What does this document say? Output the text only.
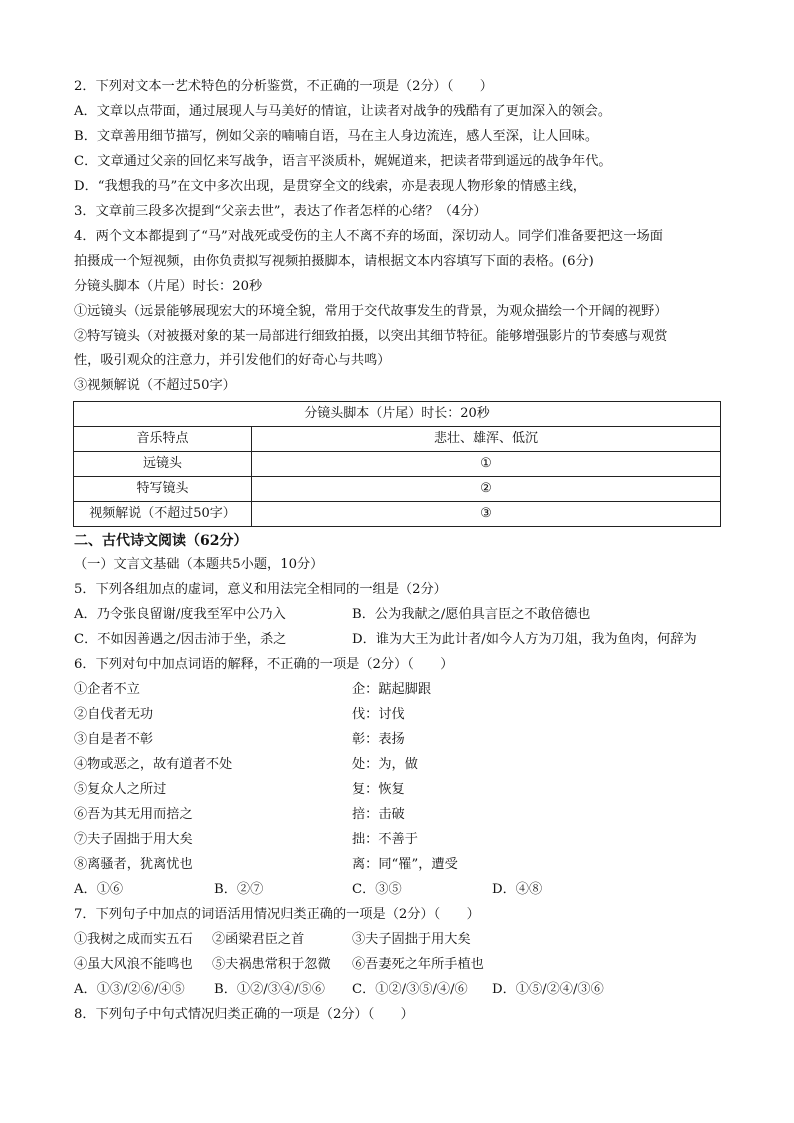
2．下列对文本一艺术特色的分析鉴赏，不正确的一项是（2分）（　　）
A．文章以点带面，通过展现人与马美好的情谊，让读者对战争的残酷有了更加深入的领会。
B．文章善用细节描写，例如父亲的喃喃自语，马在主人身边流连，感人至深，让人回味。
C．文章通过父亲的回忆来写战争，语言平淡质朴，娓娓道来，把读者带到遥远的战争年代。
D．“我想我的马”在文中多次出现，是贯穿全文的线索，亦是表现人物形象的情感主线，
3．文章前三段多次提到“父亲去世”，表达了作者怎样的心绪？（4分）
4．两个文本都提到了“马”对战死或受伤的主人不离不弃的场面，深切动人。同学们准备要把这一场面
拍摄成一个短视频，由你负责拟写视频拍摄脚本，请根据文本内容填写下面的表格。(6分)
分镜头脚本（片尾）时长：20秒
①远镜头（远景能够展现宏大的环境全貌，常用于交代故事发生的背景，为观众描绘一个开阔的视野）
②特写镜头（对被摄对象的某一局部进行细致拍摄，以突出其细节特征。能够增强影片的节奏感与观赏
性，吸引观众的注意力，并引发他们的好奇心与共鸣）
③视频解说（不超过50字）
分镜头脚本（片尾）时长：20秒	
音乐特点	悲壮、雄浑、低沉
远镜头	①
特写镜头	②
视频解说（不超过50字）	③
二、古代诗文阅读（62分）
（一）文言文基础（本题共5小题，10分）
5．下列各组加点的虚词，意义和用法完全相同的一组是（2分）
A．乃令张良留谢/度我至军中公乃入	B．公为我献之/愿伯具言臣之不敢倍德也
C．不如因善遇之/因击沛于坐，杀之	D．谁为大王为此计者/如今人方为刀俎，我为鱼肉，何辞为
6．下列对句中加点词语的解释，不正确的一项是（2分）（　　）
①企者不立	企：踮起脚跟
②自伐者无功	伐：讨伐
③自是者不彰	彰：表扬
④物或恶之，故有道者不处	处：为，做
⑤复众人之所过	复：恢复
⑥吾为其无用而掊之	掊：击破
⑦夫子固拙于用大矣	拙：不善于
⑧离骚者，犹离忧也	离：同“罹”，遭受
A．①⑥	B．②⑦	C．③⑤	D．④⑧
7．下列句子中加点的词语活用情况归类正确的一项是（2分）（　　）
①我树之成而实五石 ②函梁君臣之首	③夫子固拙于用大矣
④虽大风浪不能鸣也 ⑤夫祸患常积于忽微 ⑥吾妻死之年所手植也
A．①③/②⑥/④⑤ B．①②/③④/⑤⑥ C．①②/③⑤/④/⑥ D．①⑤/②④/③⑥
8．下列句子中句式情况归类正确的一项是（2分）（　　）
